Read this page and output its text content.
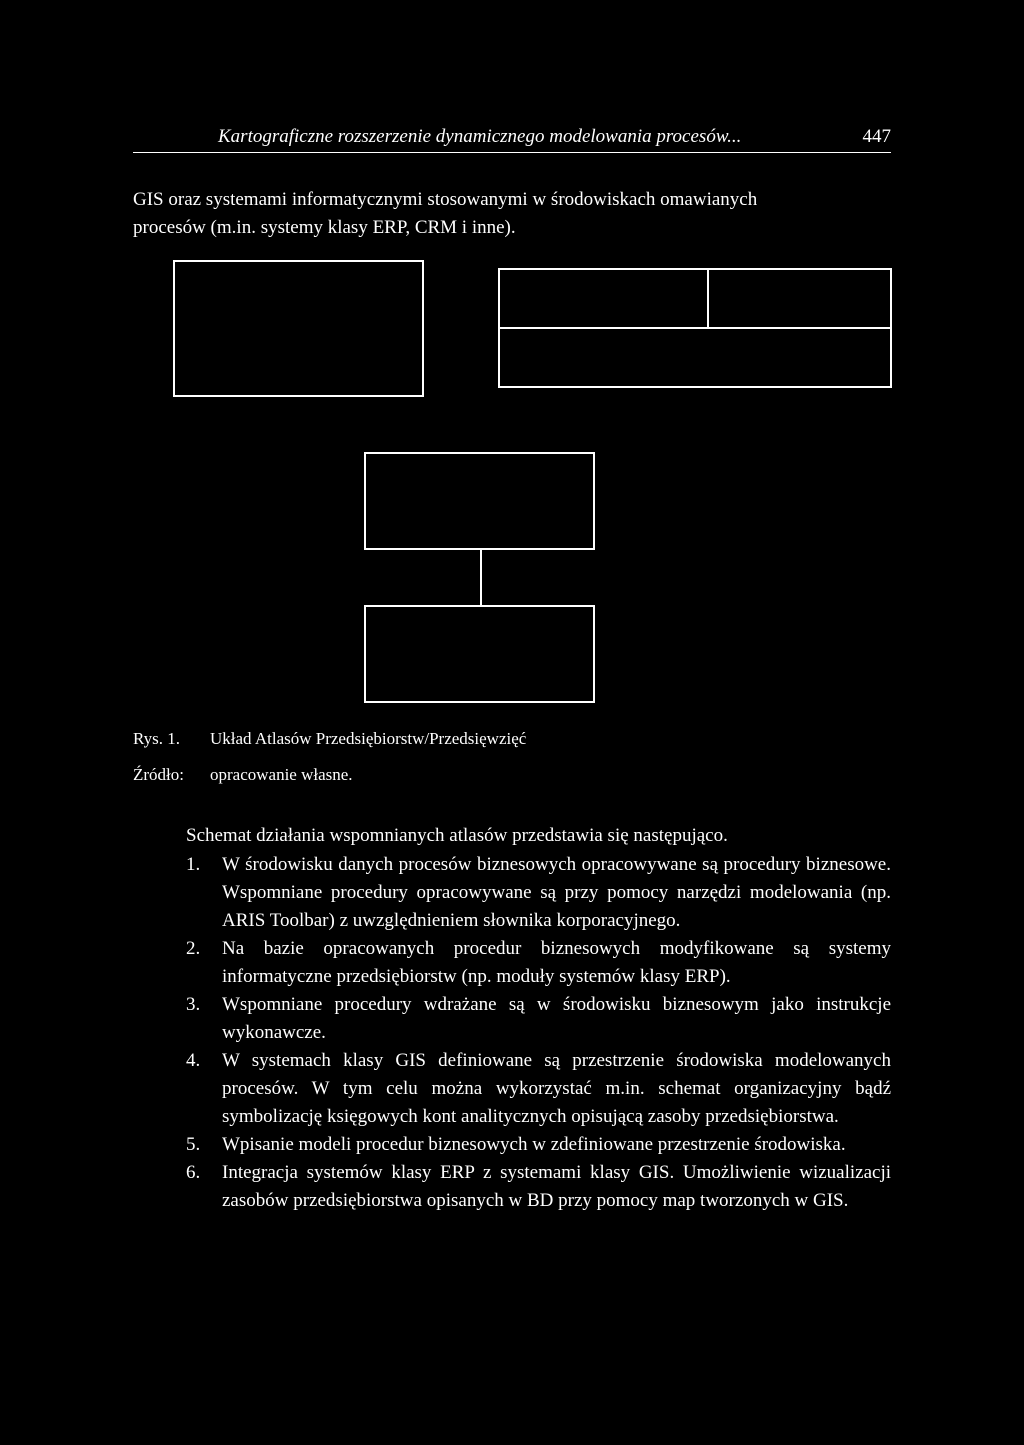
Kartograficzne rozszerzenie dynamicznego modelowania procesów...	447
GIS oraz systemami informatycznymi stosowanymi w środowiskach omawianych
procesów (m.in. systemy klasy ERP, CRM i inne).
Rys. 1. Układ Atlasów Przedsiębiorstw/Przedsięwzięć
Źródło: opracowanie własne.
Schemat działania wspomnianych atlasów przedstawia się następująco.
1. W środowisku danych procesów biznesowych opracowywane są procedury biznesowe. Wspomniane procedury opracowywane są przy pomocy narzędzi modelowania (np. ARIS Toolbar) z uwzględnieniem słownika korporacyjnego.
2. Na bazie opracowanych procedur biznesowych modyfikowane są systemy informatyczne przedsiębiorstw (np. moduły systemów klasy ERP).
3. Wspomniane procedury wdrażane są w środowisku biznesowym jako instrukcje wykonawcze.
4. W systemach klasy GIS definiowane są przestrzenie środowiska modelowanych procesów. W tym celu można wykorzystać m.in. schemat organizacyjny bądź symbolizację księgowych kont analitycznych opisującą zasoby przedsiębiorstwa.
5. Wpisanie modeli procedur biznesowych w zdefiniowane przestrzenie środowiska.
6. Integracja systemów klasy ERP z systemami klasy GIS. Umożliwienie wizualizacji zasobów przedsiębiorstwa opisanych w BD przy pomocy map tworzonych w GIS.
